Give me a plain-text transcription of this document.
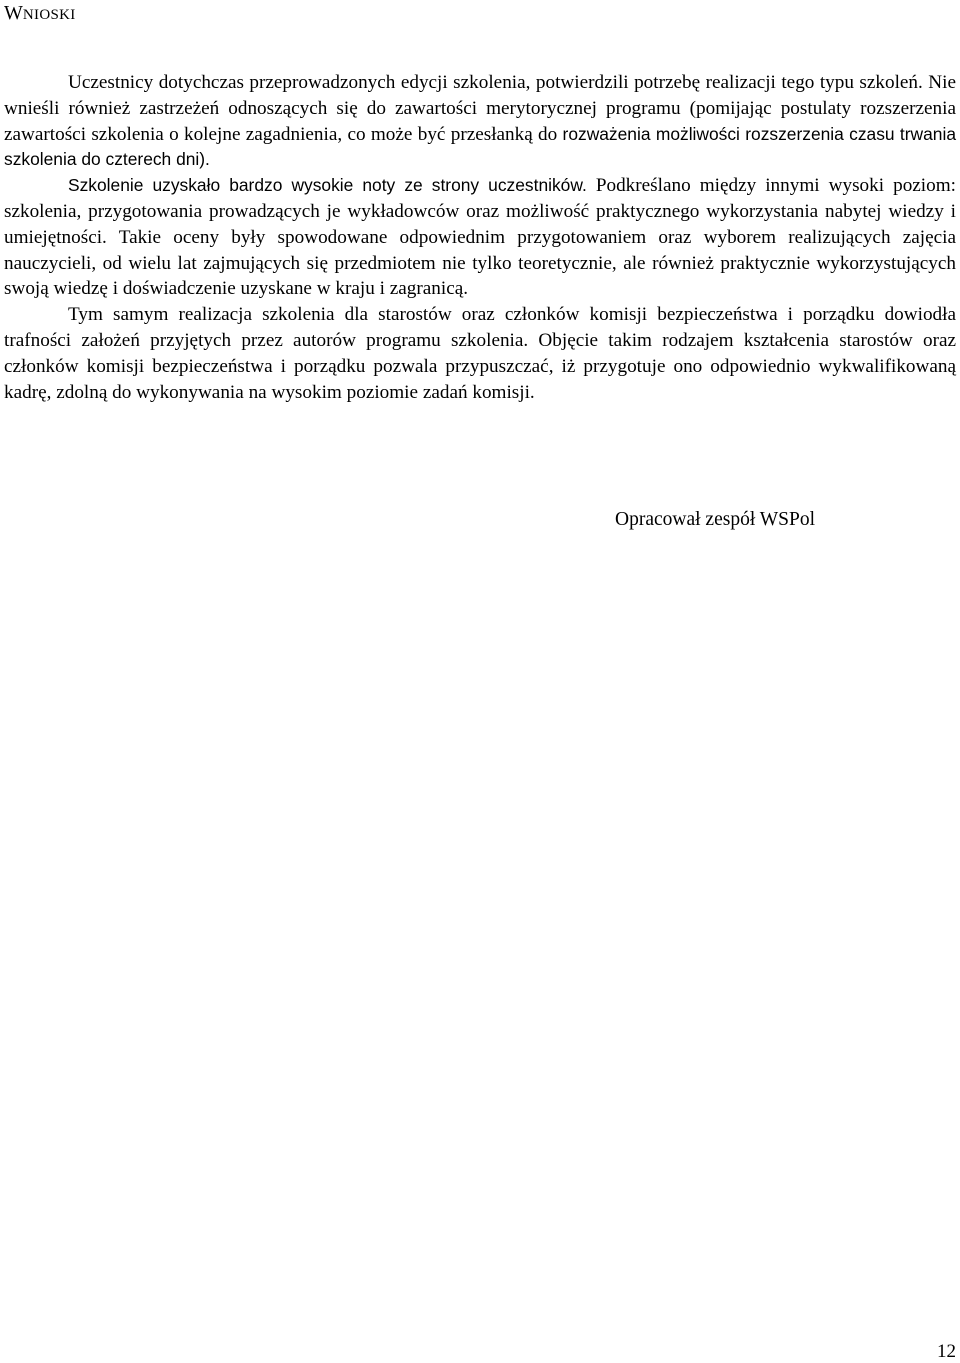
WNIOSKI

Uczestnicy dotychczas przeprowadzonych edycji szkolenia, potwierdzili potrzebę realizacji tego typu szkoleń. Nie wnieśli również zastrzeżeń odnoszących się do zawartości merytorycznej programu (pomijając postulaty rozszerzenia zawartości szkolenia o kolejne zagadnienia, co może być przesłanką do rozważenia możliwości rozszerzenia czasu trwania szkolenia do czterech dni).

Szkolenie uzyskało bardzo wysokie noty ze strony uczestników. Podkreślano między innymi wysoki poziom: szkolenia, przygotowania prowadzących je wykładowców oraz możliwość praktycznego wykorzystania nabytej wiedzy i umiejętności. Takie oceny były spowodowane odpowiednim przygotowaniem oraz wyborem realizujących zajęcia nauczycieli, od wielu lat zajmujących się przedmiotem nie tylko teoretycznie, ale również praktycznie wykorzystujących swoją wiedzę i doświadczenie uzyskane w kraju i zagranicą.

Tym samym realizacja szkolenia dla starostów oraz członków komisji bezpieczeństwa i porządku dowiodła trafności założeń przyjętych przez autorów programu szkolenia. Objęcie takim rodzajem kształcenia starostów oraz członków komisji bezpieczeństwa i porządku pozwala przypuszczać, iż przygotuje ono odpowiednio wykwalifikowaną kadrę, zdolną do wykonywania na wysokim poziomie zadań komisji.

Opracował zespół WSPol

12
